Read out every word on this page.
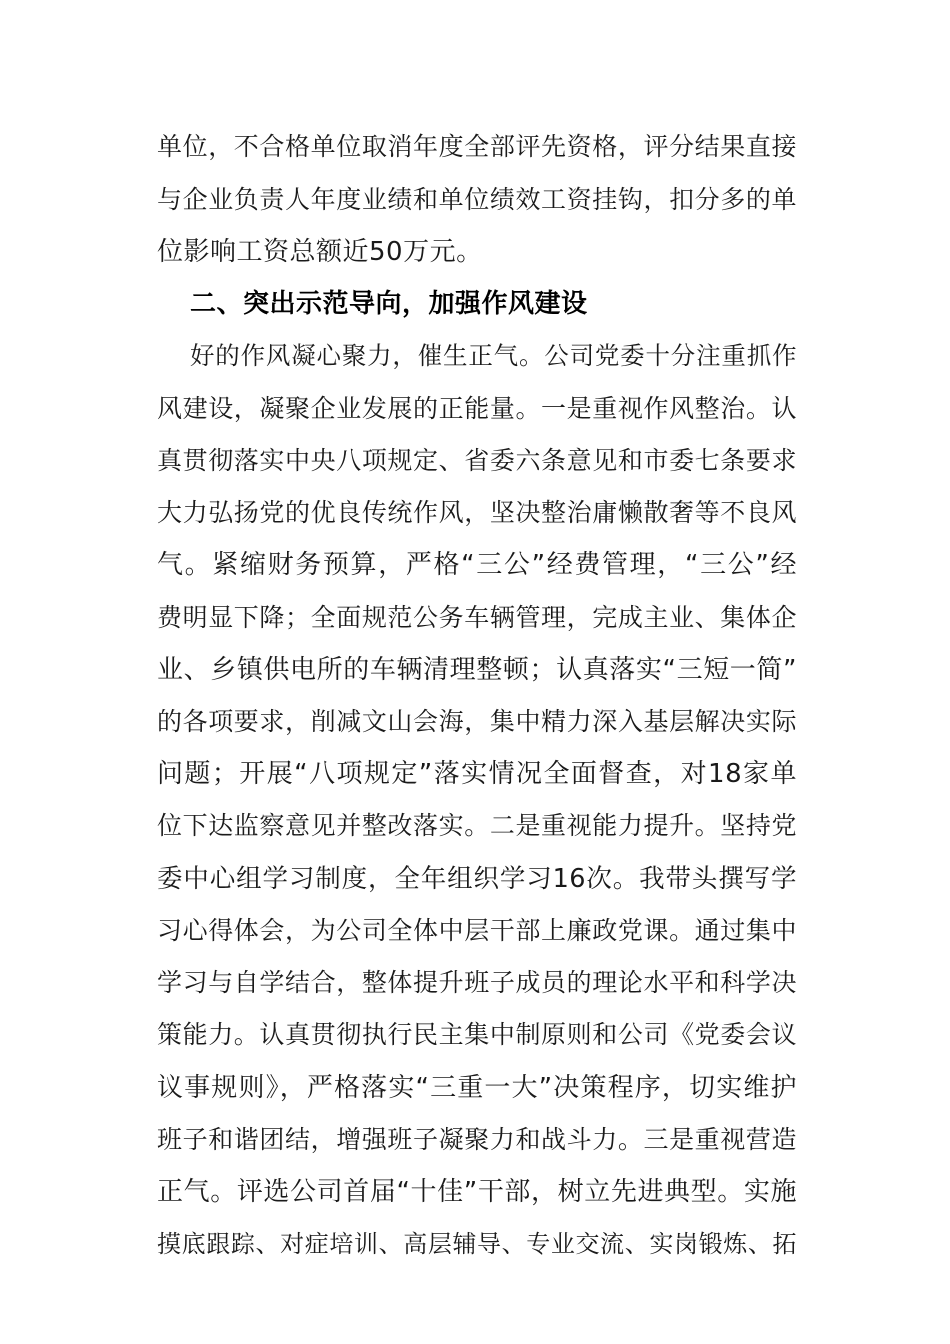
单位，不合格单位取消年度全部评先资格，评分结果直接
与企业负责人年度业绩和单位绩效工资挂钩，扣分多的单
位影响工资总额近50万元。
二、突出示范导向，加强作风建设
好的作风凝心聚力，催生正气。公司党委十分注重抓作
风建设，凝聚企业发展的正能量。一是重视作风整治。认
真贯彻落实中央八项规定、省委六条意见和市委七条要求
大力弘扬党的优良传统作风，坚决整治庸懒散奢等不良风
气。紧缩财务预算，严格“三公”经费管理，“三公”经
费明显下降；全面规范公务车辆管理，完成主业、集体企
业、乡镇供电所的车辆清理整顿；认真落实“三短一简”
的各项要求，削减文山会海，集中精力深入基层解决实际
问题；开展“八项规定”落实情况全面督查，对18家单
位下达监察意见并整改落实。二是重视能力提升。坚持党
委中心组学习制度，全年组织学习16次。我带头撰写学
习心得体会，为公司全体中层干部上廉政党课。通过集中
学习与自学结合，整体提升班子成员的理论水平和科学决
策能力。认真贯彻执行民主集中制原则和公司《党委会议
议事规则》，严格落实“三重一大”决策程序，切实维护
班子和谐团结，增强班子凝聚力和战斗力。三是重视营造
正气。评选公司首届“十佳”干部，树立先进典型。实施
摸底跟踪、对症培训、高层辅导、专业交流、实岗锻炼、拓
